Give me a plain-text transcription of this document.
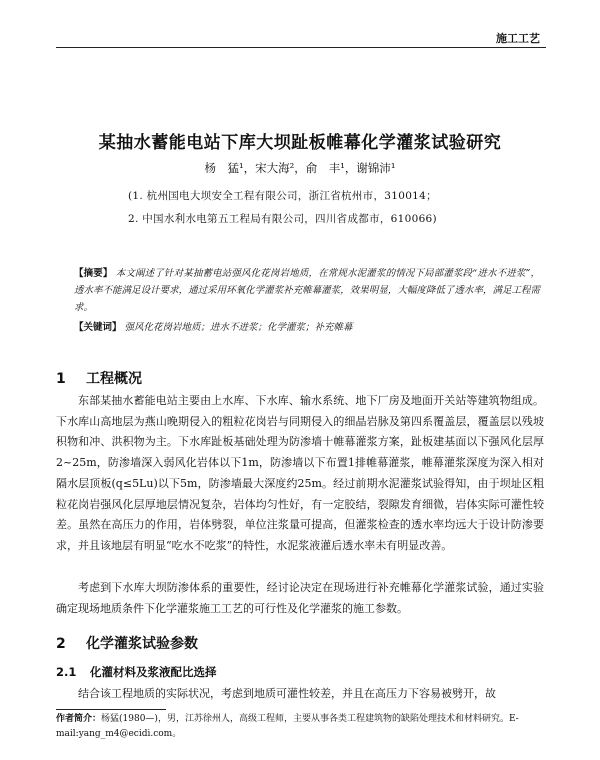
施工工艺
某抽水蓄能电站下库大坝趾板帷幕化学灌浆试验研究
杨　猛¹，宋大海²，俞　丰¹，谢锦沛¹
(1. 杭州国电大坝安全工程有限公司，浙江省杭州市，310014；
2. 中国水利水电第五工程局有限公司，四川省成都市，610066)
【摘要】 本文阐述了针对某抽蓄电站强风化花岗岩地质，在常规水泥灌浆的情况下局部灌浆段“进水不进浆”，透水率不能满足设计要求，通过采用环氧化学灌浆补充帷幕灌浆，效果明显，大幅度降低了透水率，满足工程需求。
【关键词】 强风化花岗岩地质；进水不进浆；化学灌浆；补充帷幕
1 工程概况

东部某抽水蓄能电站主要由上水库、下水库、输水系统、地下厂房及地面开关站等建筑物组成。下水库山高地层为燕山晚期侵入的粗粒花岗岩与同期侵入的细晶岩脉及第四系覆盖层，覆盖层以残坡积物和冲、洪积物为主。下水库趾板基础处理为防渗墙十帷幕灌浆方案，趾板建基面以下强风化层厚2~25m，防渗墙深入弱风化岩体以下1m，防渗墙以下布置1排帷幕灌浆，帷幕灌浆深度为深入相对隔水层顶板(q≤5Lu)以下5m，防渗墙最大深度约25m。经过前期水泥灌浆试验得知，由于坝址区粗粒花岗岩强风化层厚地层情况复杂，岩体均匀性好，有一定胶结，裂隙发育细微，岩体实际可灌性较差。虽然在高压力的作用，岩体劈裂，单位注浆量可提高，但灌浆检查的透水率均远大于设计防渗要求，并且该地层有明显“吃水不吃浆”的特性，水泥浆液灌后透水率未有明显改善。

考虑到下水库大坝防渗体系的重要性，经讨论决定在现场进行补充帷幕化学灌浆试验，通过实验确定现场地质条件下化学灌浆施工工艺的可行性及化学灌浆的施工参数。

2 化学灌浆试验参数
2.1 化灌材料及浆液配比选择

结合该工程地质的实际状况，考虑到地质可灌性较差，并且在高压力下容易被劈开，故

作者简介：杨猛(1980—)，男，江苏徐州人，高级工程师，主要从事各类工程建筑物的缺陷处理技术和材料研究。E-mail:yang_m4@ecidi.com。
